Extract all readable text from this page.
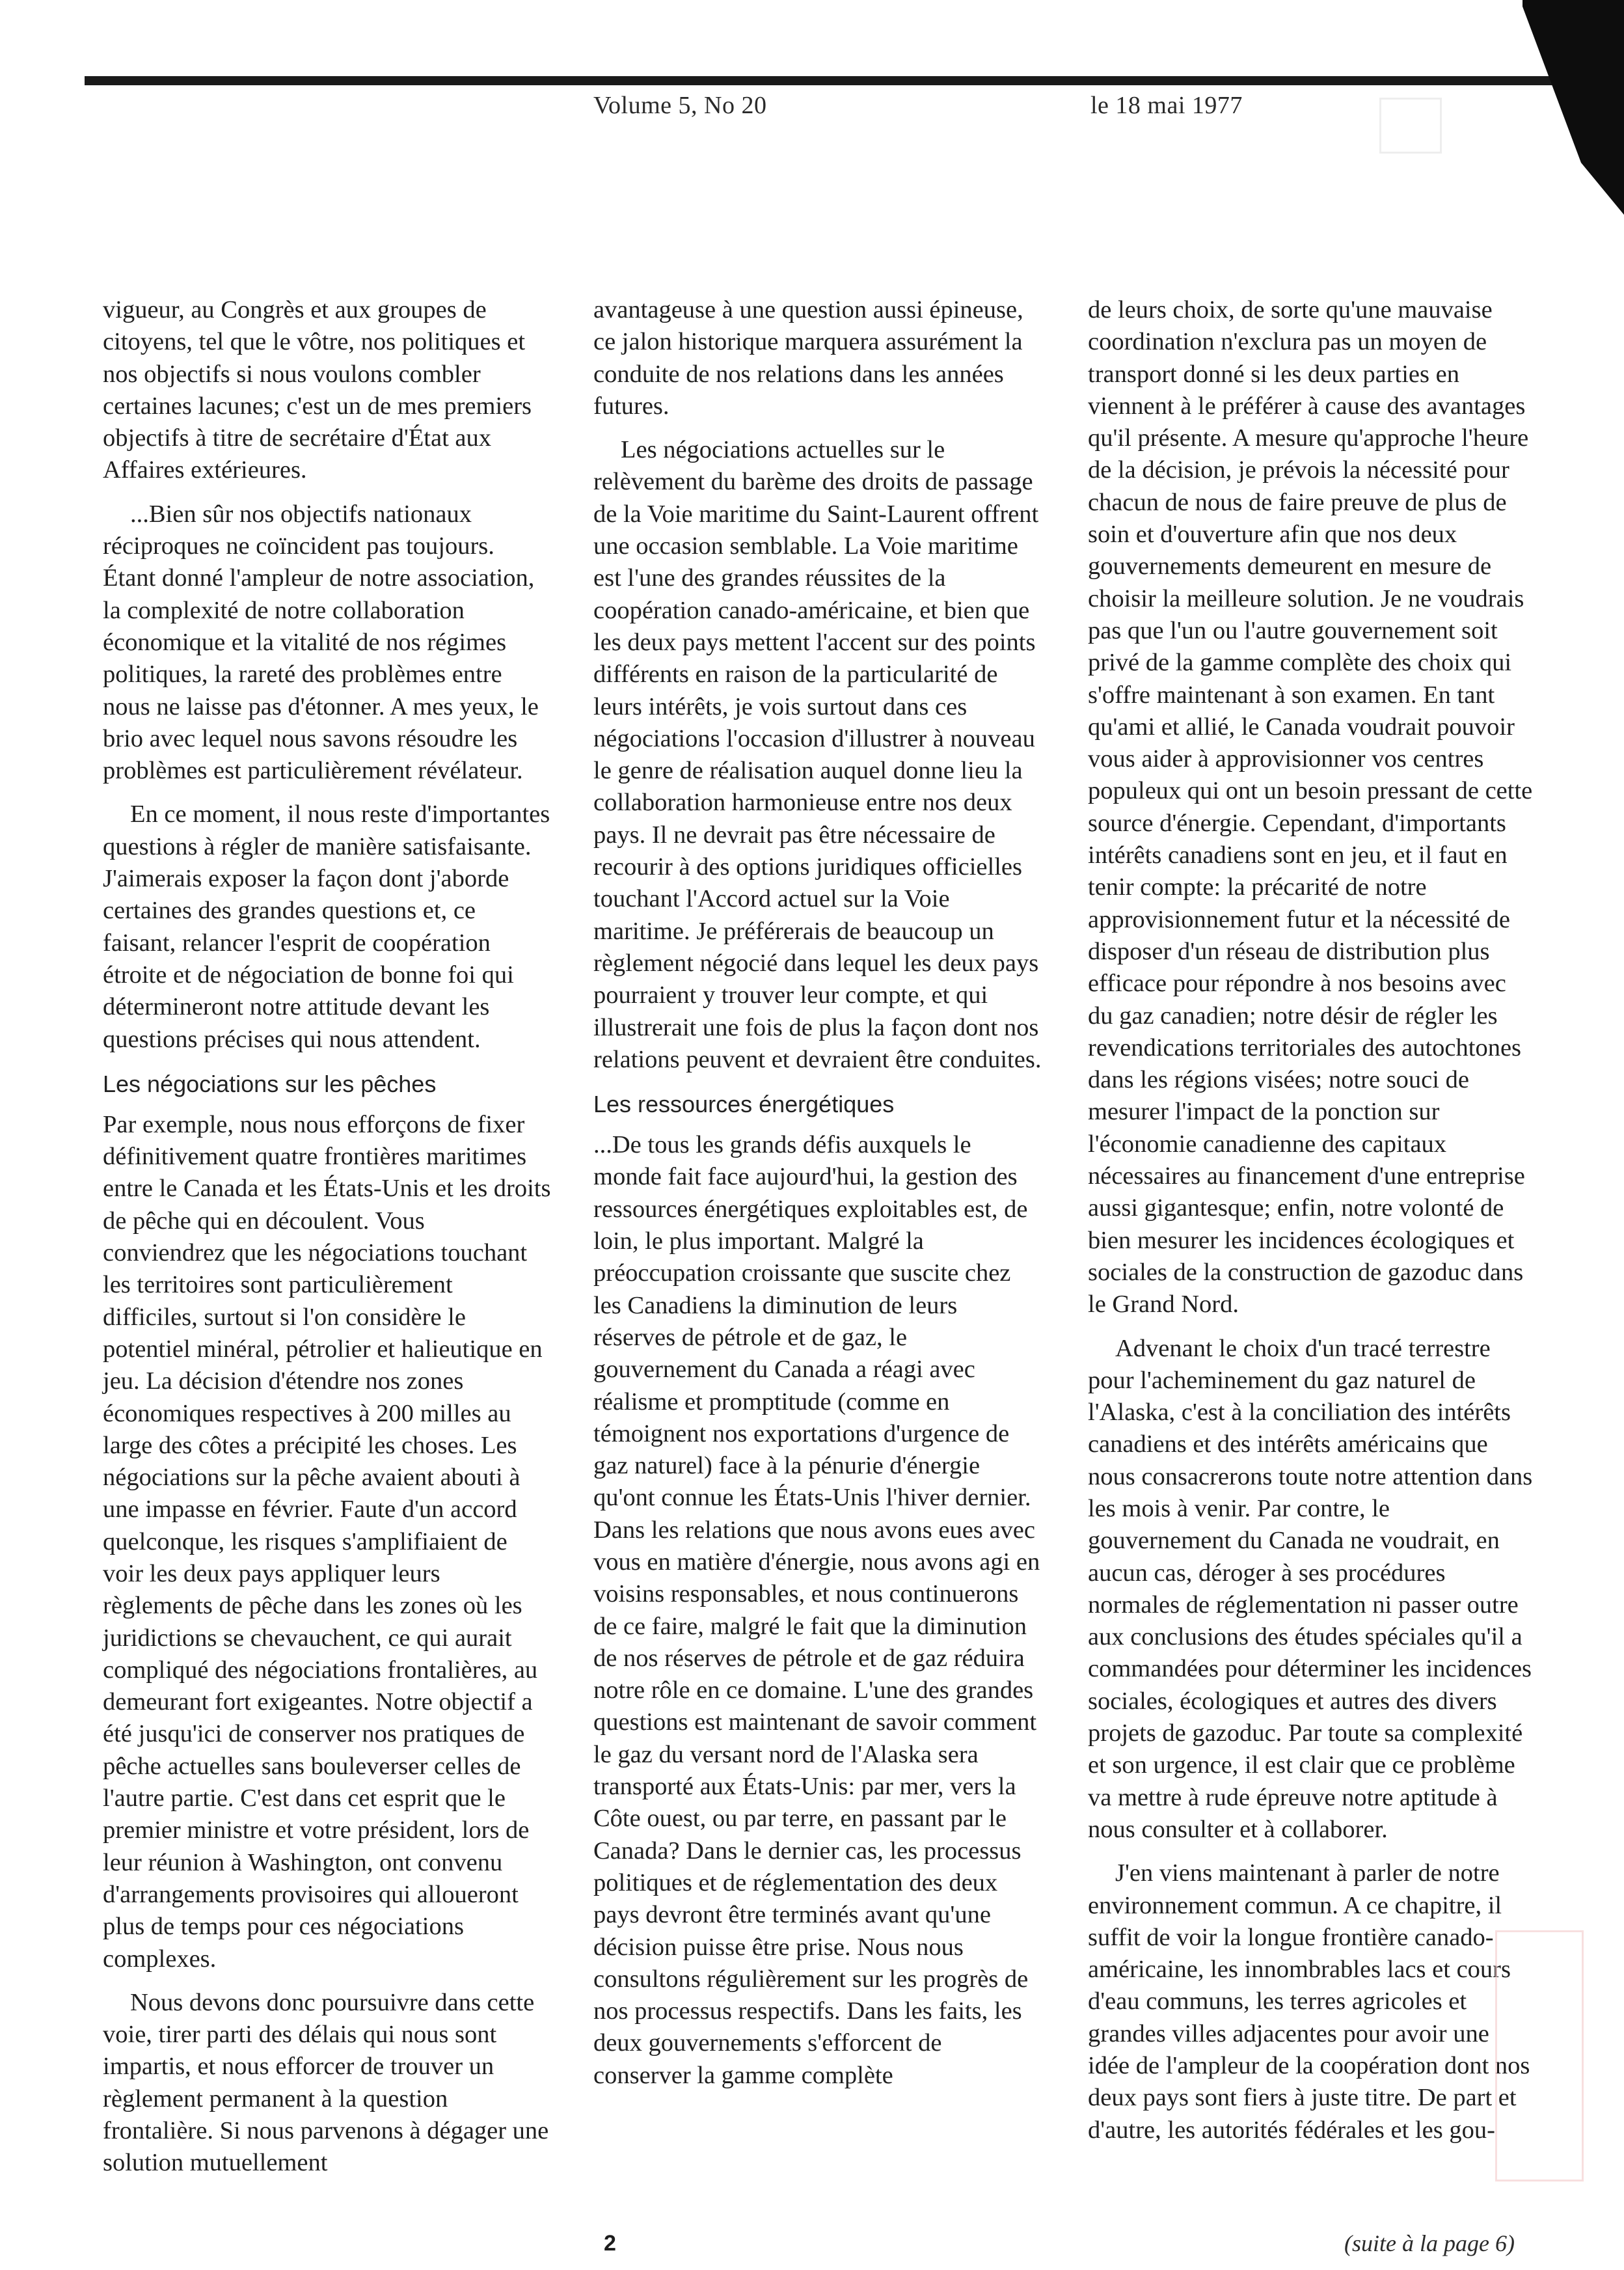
Volume 5, No 20	le 18 mai 1977

vigueur, au Congrès et aux groupes de citoyens, tel que le vôtre, nos politiques et nos objectifs si nous voulons combler certaines lacunes; c'est un de mes premiers objectifs à titre de secrétaire d'État aux Affaires extérieures.

...Bien sûr nos objectifs nationaux réciproques ne coïncident pas toujours. Étant donné l'ampleur de notre association, la complexité de notre collaboration économique et la vitalité de nos régimes politiques, la rareté des problèmes entre nous ne laisse pas d'étonner. A mes yeux, le brio avec lequel nous savons résoudre les problèmes est particulièrement révélateur.

En ce moment, il nous reste d'importantes questions à régler de manière satisfaisante. J'aimerais exposer la façon dont j'aborde certaines des grandes questions et, ce faisant, relancer l'esprit de coopération étroite et de négociation de bonne foi qui détermineront notre attitude devant les questions précises qui nous attendent.

Les négociations sur les pêches

Par exemple, nous nous efforçons de fixer définitivement quatre frontières maritimes entre le Canada et les États-Unis et les droits de pêche qui en découlent. Vous conviendrez que les négociations touchant les territoires sont particulièrement difficiles, surtout si l'on considère le potentiel minéral, pétrolier et halieutique en jeu. La décision d'étendre nos zones économiques respectives à 200 milles au large des côtes a précipité les choses. Les négociations sur la pêche avaient abouti à une impasse en février. Faute d'un accord quelconque, les risques s'amplifiaient de voir les deux pays appliquer leurs règlements de pêche dans les zones où les juridictions se chevauchent, ce qui aurait compliqué des négociations frontalières, au demeurant fort exigeantes. Notre objectif a été jusqu'ici de conserver nos pratiques de pêche actuelles sans bouleverser celles de l'autre partie. C'est dans cet esprit que le premier ministre et votre président, lors de leur réunion à Washington, ont convenu d'arrangements provisoires qui alloueront plus de temps pour ces négociations complexes.

Nous devons donc poursuivre dans cette voie, tirer parti des délais qui nous sont impartis, et nous efforcer de trouver un règlement permanent à la question frontalière. Si nous parvenons à dégager une solution mutuellement

avantageuse à une question aussi épineuse, ce jalon historique marquera assurément la conduite de nos relations dans les années futures.

Les négociations actuelles sur le relèvement du barème des droits de passage de la Voie maritime du Saint-Laurent offrent une occasion semblable. La Voie maritime est l'une des grandes réussites de la coopération canado-américaine, et bien que les deux pays mettent l'accent sur des points différents en raison de la particularité de leurs intérêts, je vois surtout dans ces négociations l'occasion d'illustrer à nouveau le genre de réalisation auquel donne lieu la collaboration harmonieuse entre nos deux pays. Il ne devrait pas être nécessaire de recourir à des options juridiques officielles touchant l'Accord actuel sur la Voie maritime. Je préférerais de beaucoup un règlement négocié dans lequel les deux pays pourraient y trouver leur compte, et qui illustrerait une fois de plus la façon dont nos relations peuvent et devraient être conduites.

Les ressources énergétiques

...De tous les grands défis auxquels le monde fait face aujourd'hui, la gestion des ressources énergétiques exploitables est, de loin, le plus important. Malgré la préoccupation croissante que suscite chez les Canadiens la diminution de leurs réserves de pétrole et de gaz, le gouvernement du Canada a réagi avec réalisme et promptitude (comme en témoignent nos exportations d'urgence de gaz naturel) face à la pénurie d'énergie qu'ont connue les États-Unis l'hiver dernier. Dans les relations que nous avons eues avec vous en matière d'énergie, nous avons agi en voisins responsables, et nous continuerons de ce faire, malgré le fait que la diminution de nos réserves de pétrole et de gaz réduira notre rôle en ce domaine. L'une des grandes questions est maintenant de savoir comment le gaz du versant nord de l'Alaska sera transporté aux États-Unis: par mer, vers la Côte ouest, ou par terre, en passant par le Canada? Dans le dernier cas, les processus politiques et de réglementation des deux pays devront être terminés avant qu'une décision puisse être prise. Nous nous consultons régulièrement sur les progrès de nos processus respectifs. Dans les faits, les deux gouvernements s'efforcent de conserver la gamme complète

de leurs choix, de sorte qu'une mauvaise coordination n'exclura pas un moyen de transport donné si les deux parties en viennent à le préférer à cause des avantages qu'il présente. A mesure qu'approche l'heure de la décision, je prévois la nécessité pour chacun de nous de faire preuve de plus de soin et d'ouverture afin que nos deux gouvernements demeurent en mesure de choisir la meilleure solution. Je ne voudrais pas que l'un ou l'autre gouvernement soit privé de la gamme complète des choix qui s'offre maintenant à son examen. En tant qu'ami et allié, le Canada voudrait pouvoir vous aider à approvisionner vos centres populeux qui ont un besoin pressant de cette source d'énergie. Cependant, d'importants intérêts canadiens sont en jeu, et il faut en tenir compte: la précarité de notre approvisionnement futur et la nécessité de disposer d'un réseau de distribution plus efficace pour répondre à nos besoins avec du gaz canadien; notre désir de régler les revendications territoriales des autochtones dans les régions visées; notre souci de mesurer l'impact de la ponction sur l'économie canadienne des capitaux nécessaires au financement d'une entreprise aussi gigantesque; enfin, notre volonté de bien mesurer les incidences écologiques et sociales de la construction de gazoduc dans le Grand Nord.

Advenant le choix d'un tracé terrestre pour l'acheminement du gaz naturel de l'Alaska, c'est à la conciliation des intérêts canadiens et des intérêts américains que nous consacrerons toute notre attention dans les mois à venir. Par contre, le gouvernement du Canada ne voudrait, en aucun cas, déroger à ses procédures normales de réglementation ni passer outre aux conclusions des études spéciales qu'il a commandées pour déterminer les incidences sociales, écologiques et autres des divers projets de gazoduc. Par toute sa complexité et son urgence, il est clair que ce problème va mettre à rude épreuve notre aptitude à nous consulter et à collaborer.

J'en viens maintenant à parler de notre environnement commun. A ce chapitre, il suffit de voir la longue frontière canado-américaine, les innombrables lacs et cours d'eau communs, les terres agricoles et grandes villes adjacentes pour avoir une idée de l'ampleur de la coopération dont nos deux pays sont fiers à juste titre. De part et d'autre, les autorités fédérales et les gou-

2	(suite à la page 6)
